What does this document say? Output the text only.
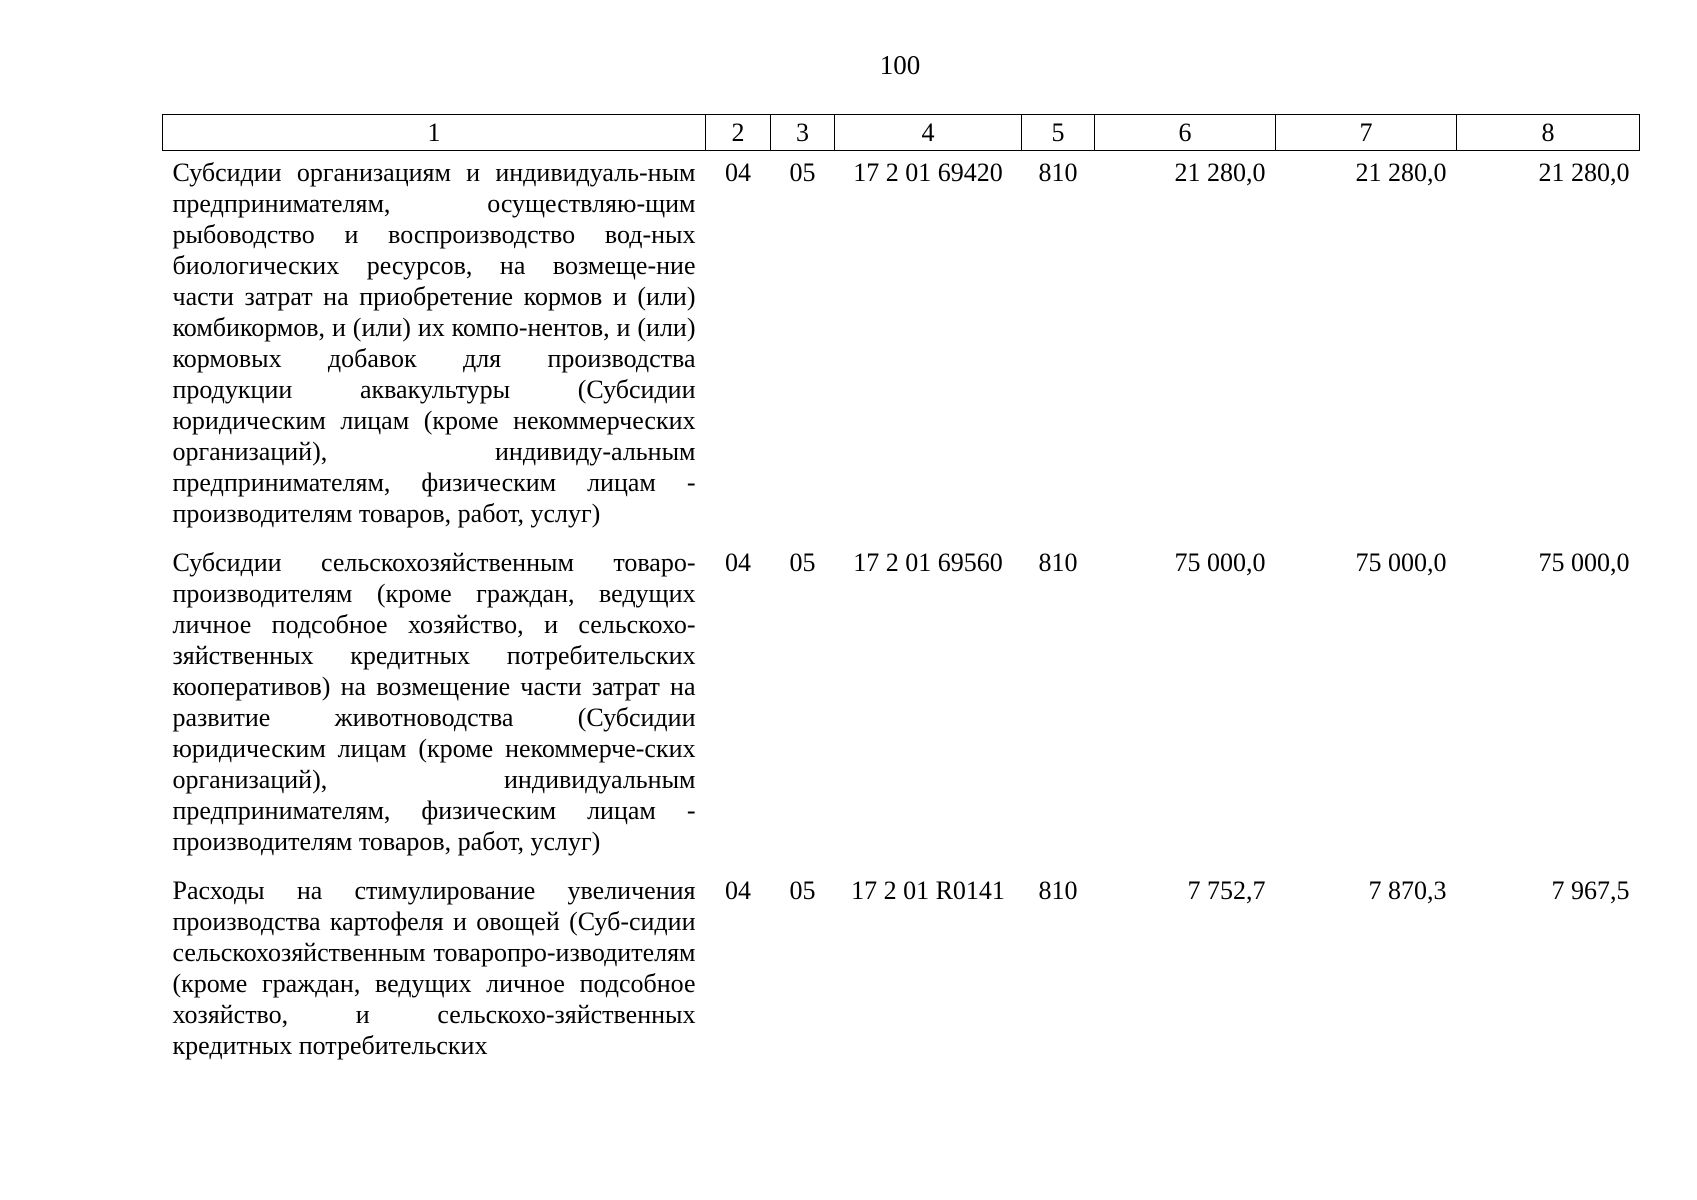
100
1	2	3	4	5	6	7	8
Субсидии организациям и индивидуаль-ным предпринимателям, осуществляю-щим рыбоводство и воспроизводство вод-ных биологических ресурсов, на возмеще-ние части затрат на приобретение кормов и (или) комбикормов, и (или) их компо-нентов, и (или) кормовых добавок для производства продукции аквакультуры (Субсидии юридическим лицам (кроме некоммерческих организаций), индивиду-альным предпринимателям, физическим лицам - производителям товаров, работ, услуг)	04	05	17 2 01 69420	810	21 280,0	21 280,0	21 280,0
Субсидии сельскохозяйственным товаро-производителям (кроме граждан, ведущих личное подсобное хозяйство, и сельскохо-зяйственных кредитных потребительских кооперативов) на возмещение части затрат на развитие животноводства (Субсидии юридическим лицам (кроме некоммерче-ских организаций), индивидуальным предпринимателям, физическим лицам - производителям товаров, работ, услуг)	04	05	17 2 01 69560	810	75 000,0	75 000,0	75 000,0
Расходы на стимулирование увеличения производства картофеля и овощей (Суб-сидии сельскохозяйственным товаропро-изводителям (кроме граждан, ведущих личное подсобное хозяйство, и сельскохо-зяйственных кредитных потребительских	04	05	17 2 01 R0141	810	7 752,7	7 870,3	7 967,5
